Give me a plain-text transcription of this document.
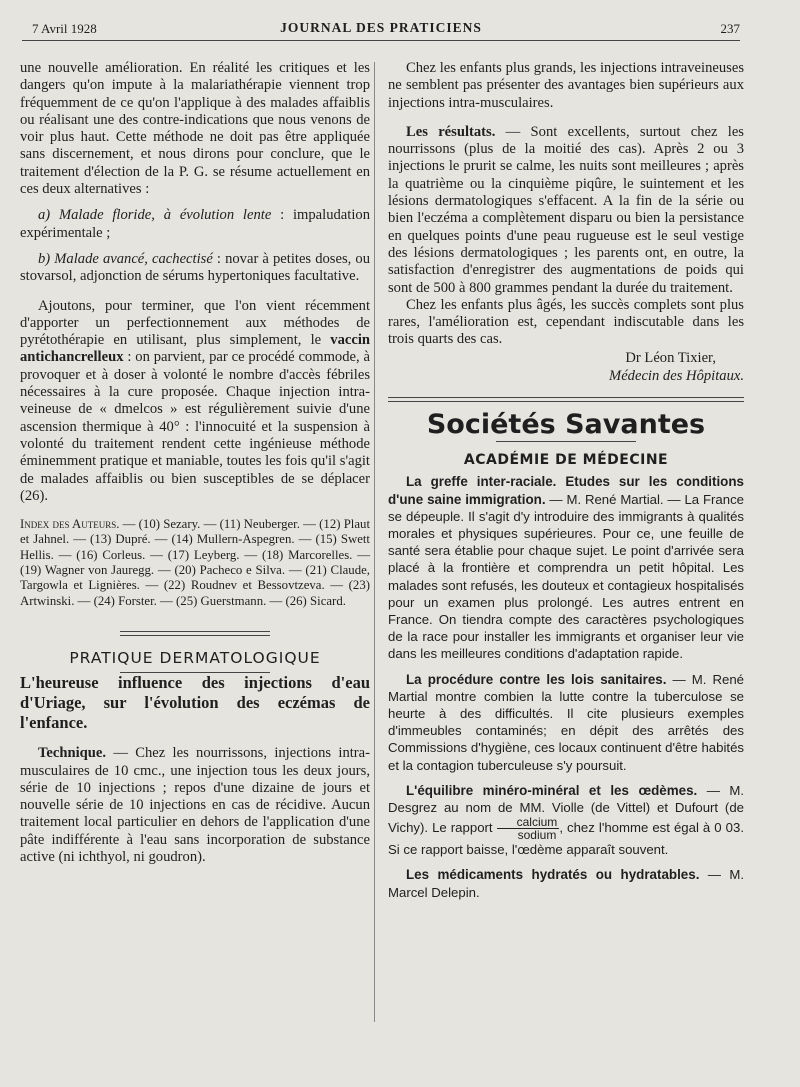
7 Avril 1928	JOURNAL DES PRATICIENS	237

une nouvelle amélioration. En réalité les critiques et les dangers qu'on impute à la malariathérapie viennent trop fréquemment de ce qu'on l'applique à des malades affaiblis ou réalisant une des contre-indications que nous venons de voir plus haut. Cette méthode ne doit pas être appliquée sans discernement, et nous dirons pour conclure, que le traitement d'élection de la P. G. se résume actuellement en ces deux alternatives :

a) Malade floride, à évolution lente : impaludation expérimentale ;

b) Malade avancé, cachectisé : novar à petites doses, ou stovarsol, adjonction de sérums hypertoniques facultative.

Ajoutons, pour terminer, que l'on vient récemment d'apporter un perfectionnement aux méthodes de pyrétothérapie en utilisant, plus simplement, le vaccin antichancrelleux : on parvient, par ce procédé commode, à provoquer et à doser à volonté le nombre d'accès fébriles nécessaires à la cure proposée. Chaque injection intra-veineuse de « dmelcos » est régulièrement suivie d'une ascension thermique à 40° : l'innocuité et la suspension à volonté du traitement rendent cette ingénieuse méthode éminemment pratique et maniable, toutes les fois qu'il s'agit de malades affaiblis ou bien susceptibles de se déplacer (26).

Index des Auteurs. — (10) Sezary. — (11) Neuberger. — (12) Plaut et Jahnel. — (13) Dupré. — (14) Mullern-Aspegren. — (15) Swett Hellis. — (16) Corleus. — (17) Leyberg. — (18) Marcorelles. — (19) Wagner von Jauregg. — (20) Pacheco e Silva. — (21) Claude, Targowla et Lignières. — (22) Roudnev et Bessovtzeva. — (23) Artwinski. — (24) Forster. — (25) Guerstmann. — (26) Sicard.

PRATIQUE DERMATOLOGIQUE

L'heureuse influence des injections d'eau d'Uriage, sur l'évolution des eczémas de l'enfance.

Technique. — Chez les nourrissons, injections intra-musculaires de 10 cmc., une injection tous les deux jours, série de 10 injections ; repos d'une dizaine de jours et nouvelle série de 10 injections en cas de récidive. Aucun traitement local particulier en dehors de l'application d'une pâte indifférente à l'eau sans incorporation de substance active (ni ichthyol, ni goudron).

Chez les enfants plus grands, les injections intraveineuses ne semblent pas présenter des avantages bien supérieurs aux injections intra-musculaires.

Les résultats. — Sont excellents, surtout chez les nourrissons (plus de la moitié des cas). Après 2 ou 3 injections le prurit se calme, les nuits sont meilleures ; après la quatrième ou la cinquième piqûre, le suintement et les lésions dermatologiques s'effacent. A la fin de la série ou bien l'eczéma a complètement disparu ou bien la persistance en quelques points d'une peau rugueuse est le seul vestige des lésions dermatologiques ; les parents ont, en outre, la satisfaction d'enregistrer des augmentations de poids qui sont de 500 à 800 grammes pendant la durée du traitement.

Chez les enfants plus âgés, les succès complets sont plus rares, l'amélioration est, cependant indiscutable dans les trois quarts des cas.

Dr Léon Tixier,
Médecin des Hôpitaux.
Sociétés Savantes
ACADÉMIE DE MÉDECINE

La greffe inter-raciale. Etudes sur les conditions d'une saine immigration. — M. René Martial. — La France se dépeuple. Il s'agit d'y introduire des immigrants à qualités morales et physiques supérieures. Pour ce, une feuille de santé sera établie pour chaque sujet. Le point d'arrivée sera placé à la frontière et comprendra un petit hôpital. Les malades sont refusés, les douteux et contagieux hospitalisés pour un examen plus prolongé. Les autres entrent en France. On tiendra compte des caractères psychologiques de la race pour installer les immigrants et organiser leur vie dans les meilleures conditions d'adaptation rapide.

La procédure contre les lois sanitaires. — M. René Martial montre combien la lutte contre la tuberculose se heurte à des difficultés. Il cite plusieurs exemples d'immeubles contaminés; en dépit des arrêtés des Commissions d'hygiène, ces locaux continuent d'être habités et la contagion tuberculeuse s'y poursuit.

L'équilibre minéro-minéral et les œdèmes. — M. Desgrez au nom de MM. Violle (de Vittel) et Dufourt (de Vichy). Le rapport $\frac{\text{calcium}}{\text{sodium}}$ , chez l'homme est égal à 0 03. Si ce rapport baisse, l'œdème apparaît souvent.

Les médicaments hydratés ou hydratables. — M. Marcel Delepin.
